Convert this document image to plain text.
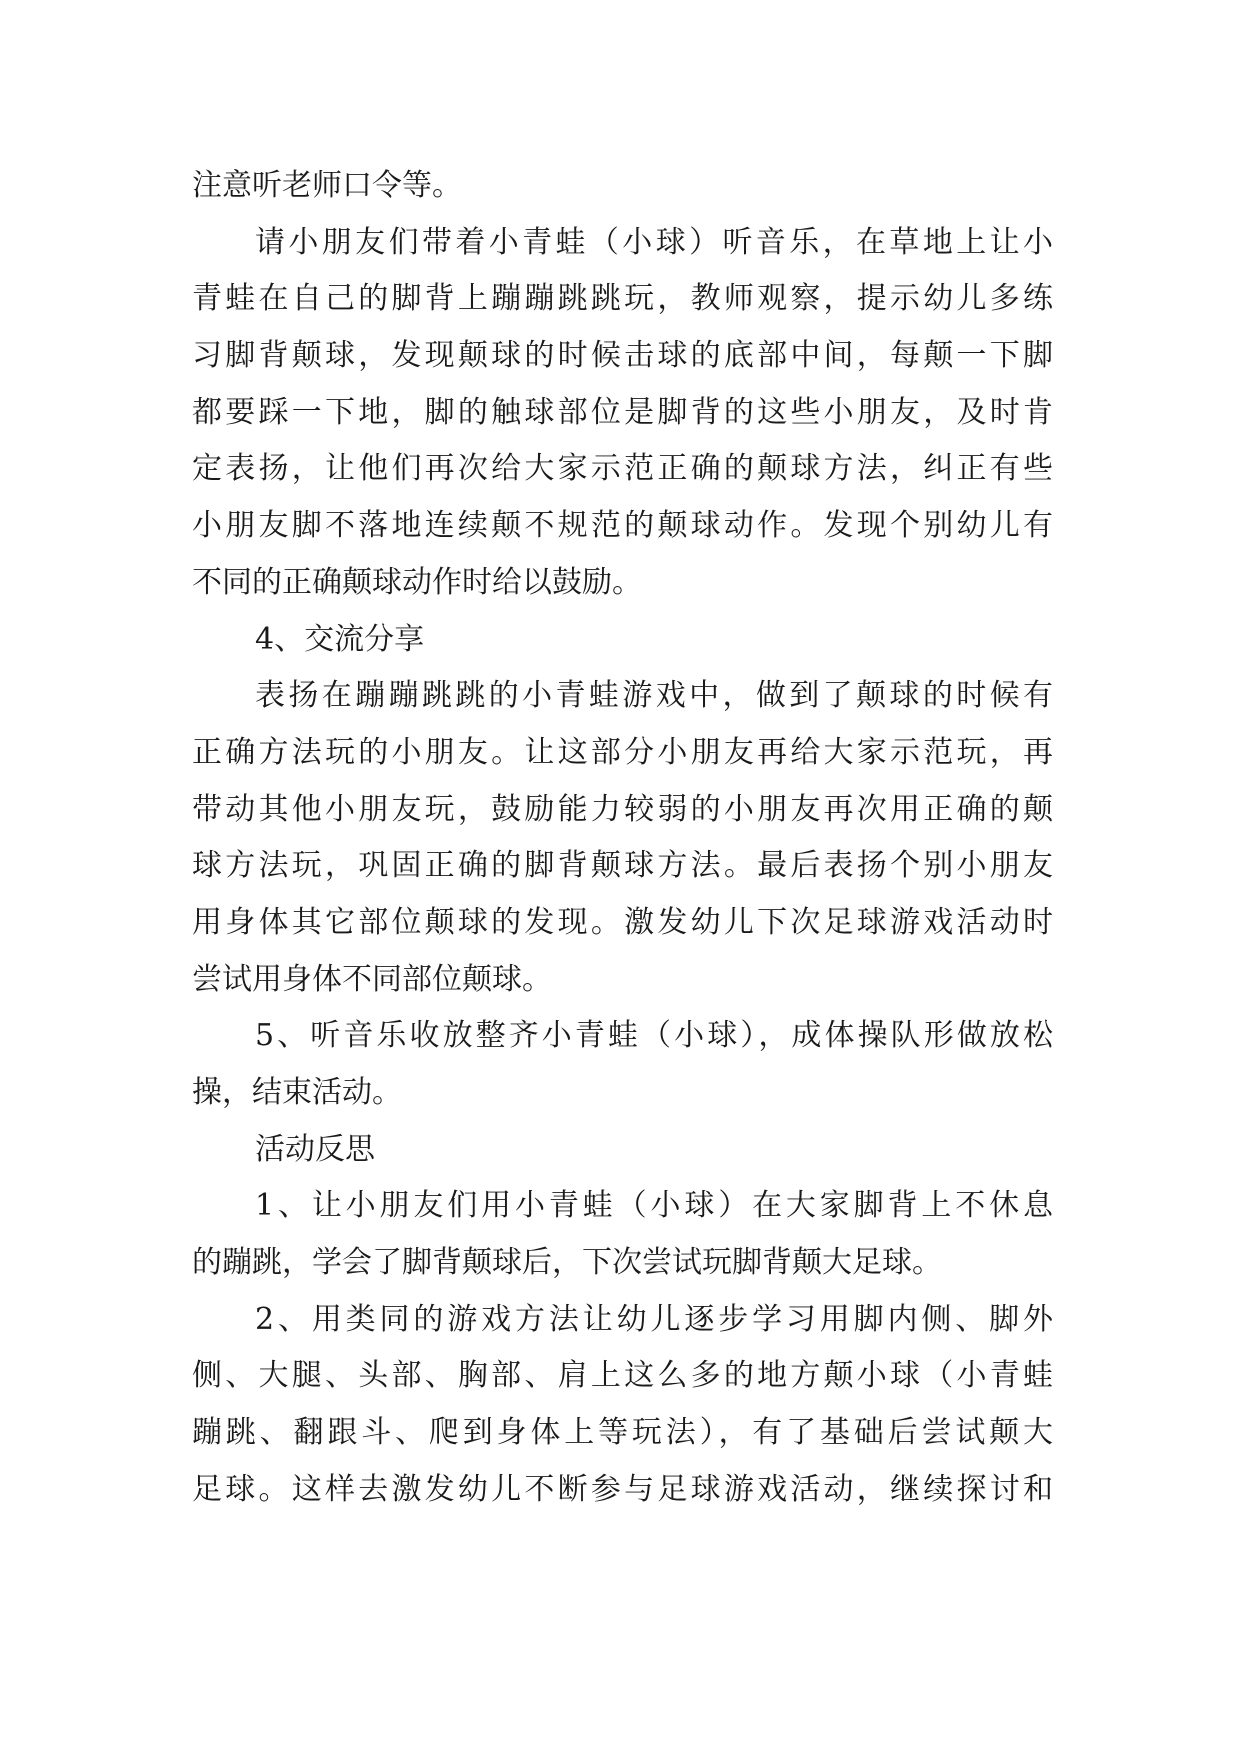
注意听老师口令等。
请小朋友们带着小青蛙（小球）听音乐，在草地上让小
青蛙在自己的脚背上蹦蹦跳跳玩，教师观察，提示幼儿多练
习脚背颠球，发现颠球的时候击球的底部中间，每颠一下脚
都要踩一下地，脚的触球部位是脚背的这些小朋友，及时肯
定表扬，让他们再次给大家示范正确的颠球方法，纠正有些
小朋友脚不落地连续颠不规范的颠球动作。发现个别幼儿有
不同的正确颠球动作时给以鼓励。
4、交流分享
表扬在蹦蹦跳跳的小青蛙游戏中，做到了颠球的时候有
正确方法玩的小朋友。让这部分小朋友再给大家示范玩，再
带动其他小朋友玩，鼓励能力较弱的小朋友再次用正确的颠
球方法玩，巩固正确的脚背颠球方法。最后表扬个别小朋友
用身体其它部位颠球的发现。激发幼儿下次足球游戏活动时
尝试用身体不同部位颠球。
5、听音乐收放整齐小青蛙（小球），成体操队形做放松
操，结束活动。
活动反思
1、让小朋友们用小青蛙（小球）在大家脚背上不休息
的蹦跳，学会了脚背颠球后，下次尝试玩脚背颠大足球。
2、用类同的游戏方法让幼儿逐步学习用脚内侧、脚外
侧、大腿、头部、胸部、肩上这么多的地方颠小球（小青蛙
蹦跳、翻跟斗、爬到身体上等玩法），有了基础后尝试颠大
足球。这样去激发幼儿不断参与足球游戏活动，继续探讨和
